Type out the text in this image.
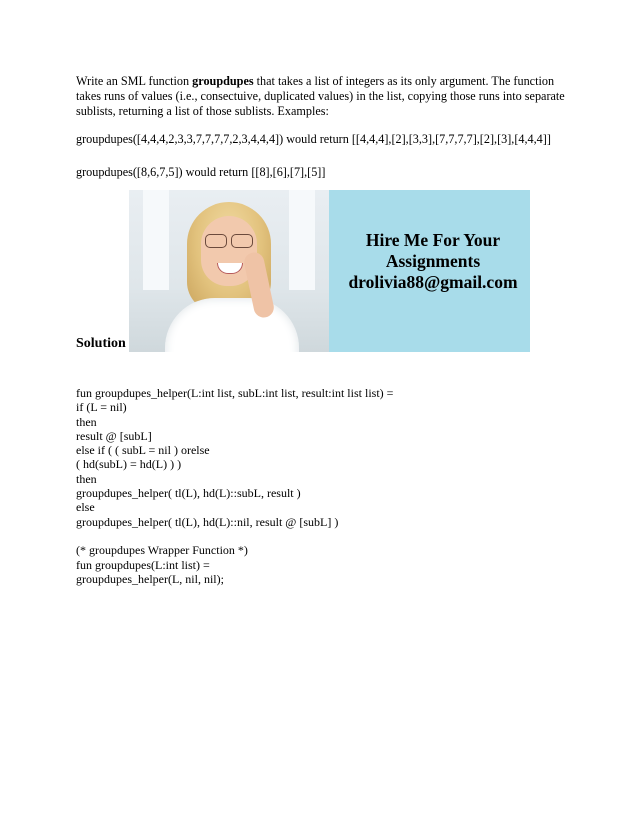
Write an SML function groupdupes that takes a list of integers as its only argument. The function takes runs of values (i.e., consectuive, duplicated values) in the list, copying those runs into separate sublists, returning a list of those sublists. Examples:

groupdupes([4,4,4,2,3,3,7,7,7,7,2,3,4,4,4]) would return [[4,4,4],[2],[3,3],[7,7,7,7],[2],[3],[4,4,4]]

groupdupes([8,6,7,5]) would return [[8],[6],[7],[5]]

Solution
Hire Me For Your
Assignments
drolivia88@gmail.com

fun groupdupes_helper(L:int list, subL:int list, result:int list list) =

if (L = nil)

then

result @ [subL]

else if ( ( subL = nil ) orelse

( hd(subL) = hd(L) ) )

then

groupdupes_helper( tl(L), hd(L)::subL, result )

else

groupdupes_helper( tl(L), hd(L)::nil, result @ [subL] )

(* groupdupes Wrapper Function *)

fun groupdupes(L:int list) =

groupdupes_helper(L, nil, nil);
